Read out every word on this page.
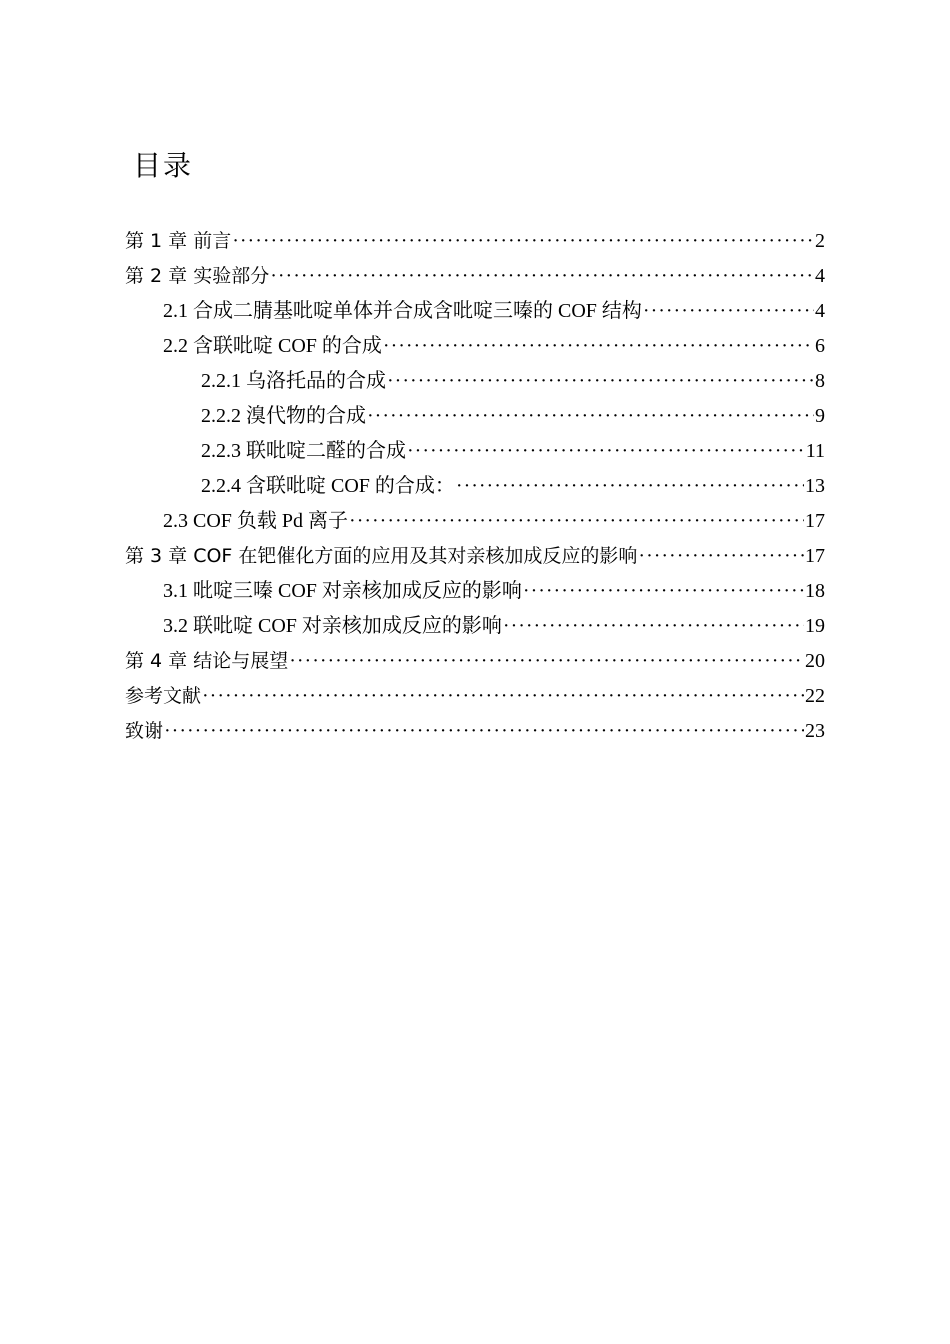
目录
第 1 章 前言 ·····	2
第 2 章 实验部分 ·····	4
2.1 合成二腈基吡啶单体并合成含吡啶三嗪的 COF 结构 ·····	4
2.2 含联吡啶 COF 的合成 ·····	6
2.2.1 乌洛托品的合成 ·····	8
2.2.2 溴代物的合成 ·····	9
2.2.3 联吡啶二醛的合成 ·····	11
2.2.4 含联吡啶 COF 的合成： ·····	13
2.3 COF 负载 Pd 离子 ·····	17
第 3 章 COF 在钯催化方面的应用及其对亲核加成反应的影响 ·····	17
3.1 吡啶三嗪 COF 对亲核加成反应的影响 ·····	18
3.2 联吡啶 COF 对亲核加成反应的影响 ·····	19
第 4 章 结论与展望 ·····	20
参考文献 ·····	22
致谢 ·····	23
